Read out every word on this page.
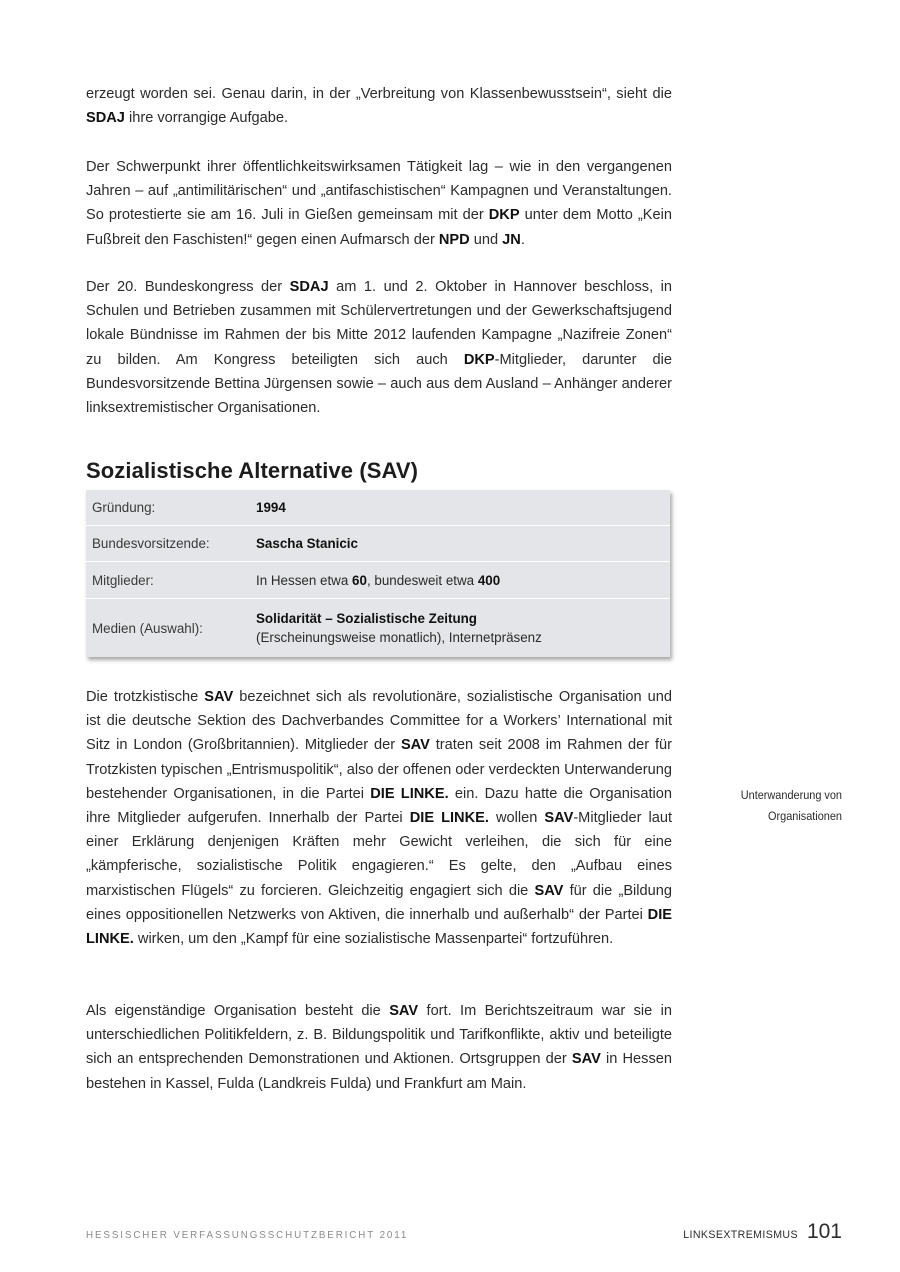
erzeugt worden sei. Genau darin, in der „Verbreitung von Klassenbewusstsein“, sieht die SDAJ ihre vorrangige Aufgabe.

Der Schwerpunkt ihrer öffentlichkeitswirksamen Tätigkeit lag – wie in den vergangenen Jahren – auf „antimilitärischen“ und „antifaschistischen“ Kampagnen und Veranstaltungen. So protestierte sie am 16. Juli in Gießen gemeinsam mit der DKP unter dem Motto „Kein Fußbreit den Faschisten!“ gegen einen Aufmarsch der NPD und JN.

Der 20. Bundeskongress der SDAJ am 1. und 2. Oktober in Hannover beschloss, in Schulen und Betrieben zusammen mit Schülervertretungen und der Gewerkschaftsjugend lokale Bündnisse im Rahmen der bis Mitte 2012 laufenden Kampagne „Nazifreie Zonen“ zu bilden. Am Kongress beteiligten sich auch DKP-Mitglieder, darunter die Bundesvorsitzende Bettina Jürgensen sowie – auch aus dem Ausland – Anhänger anderer linksextremistischer Organisationen.

Sozialistische Alternative (SAV)
Gründung:	1994
Bundesvorsitzende:	Sascha Stanicic
Mitglieder:	In Hessen etwa 60, bundesweit etwa 400
Medien (Auswahl):
Solidarität – Sozialistische Zeitung
(Erscheinungsweise monatlich), Internetpräsenz

Die trotzkistische SAV bezeichnet sich als revolutionäre, sozialistische Organisation und ist die deutsche Sektion des Dachverbandes Committee for a Workers’ International mit Sitz in London (Großbritannien). Mitglieder der SAV traten seit 2008 im Rahmen der für Trotzkisten typischen „Entrismuspolitik“, also der offenen oder verdeckten Unterwanderung bestehender Organisationen, in die Partei DIE LINKE. ein. Dazu hatte die Organisation ihre Mitglieder aufgerufen. Innerhalb der Partei DIE LINKE. wollen SAV-Mitglieder laut einer Erklärung denjenigen Kräften mehr Gewicht verleihen, die sich für eine „kämpferische, sozialistische Politik engagieren.“ Es gelte, den „Aufbau eines marxistischen Flügels“ zu forcieren. Gleichzeitig engagiert sich die SAV für die „Bildung eines oppositionellen Netzwerks von Aktiven, die innerhalb und außerhalb“ der Partei DIE LINKE. wirken, um den „Kampf für eine sozialistische Massenpartei“ fortzuführen.

Unterwanderung von
Organisationen

Als eigenständige Organisation besteht die SAV fort. Im Berichtszeitraum war sie in unterschiedlichen Politikfeldern, z. B. Bildungspolitik und Tarifkonflikte, aktiv und beteiligte sich an entsprechenden Demonstrationen und Aktionen. Ortsgruppen der SAV in Hessen bestehen in Kassel, Fulda (Landkreis Fulda) und Frankfurt am Main.

HESSISCHER VERFASSUNGSSCHUTZBERICHT 2011	LINKSEXTREMISMUS 101
